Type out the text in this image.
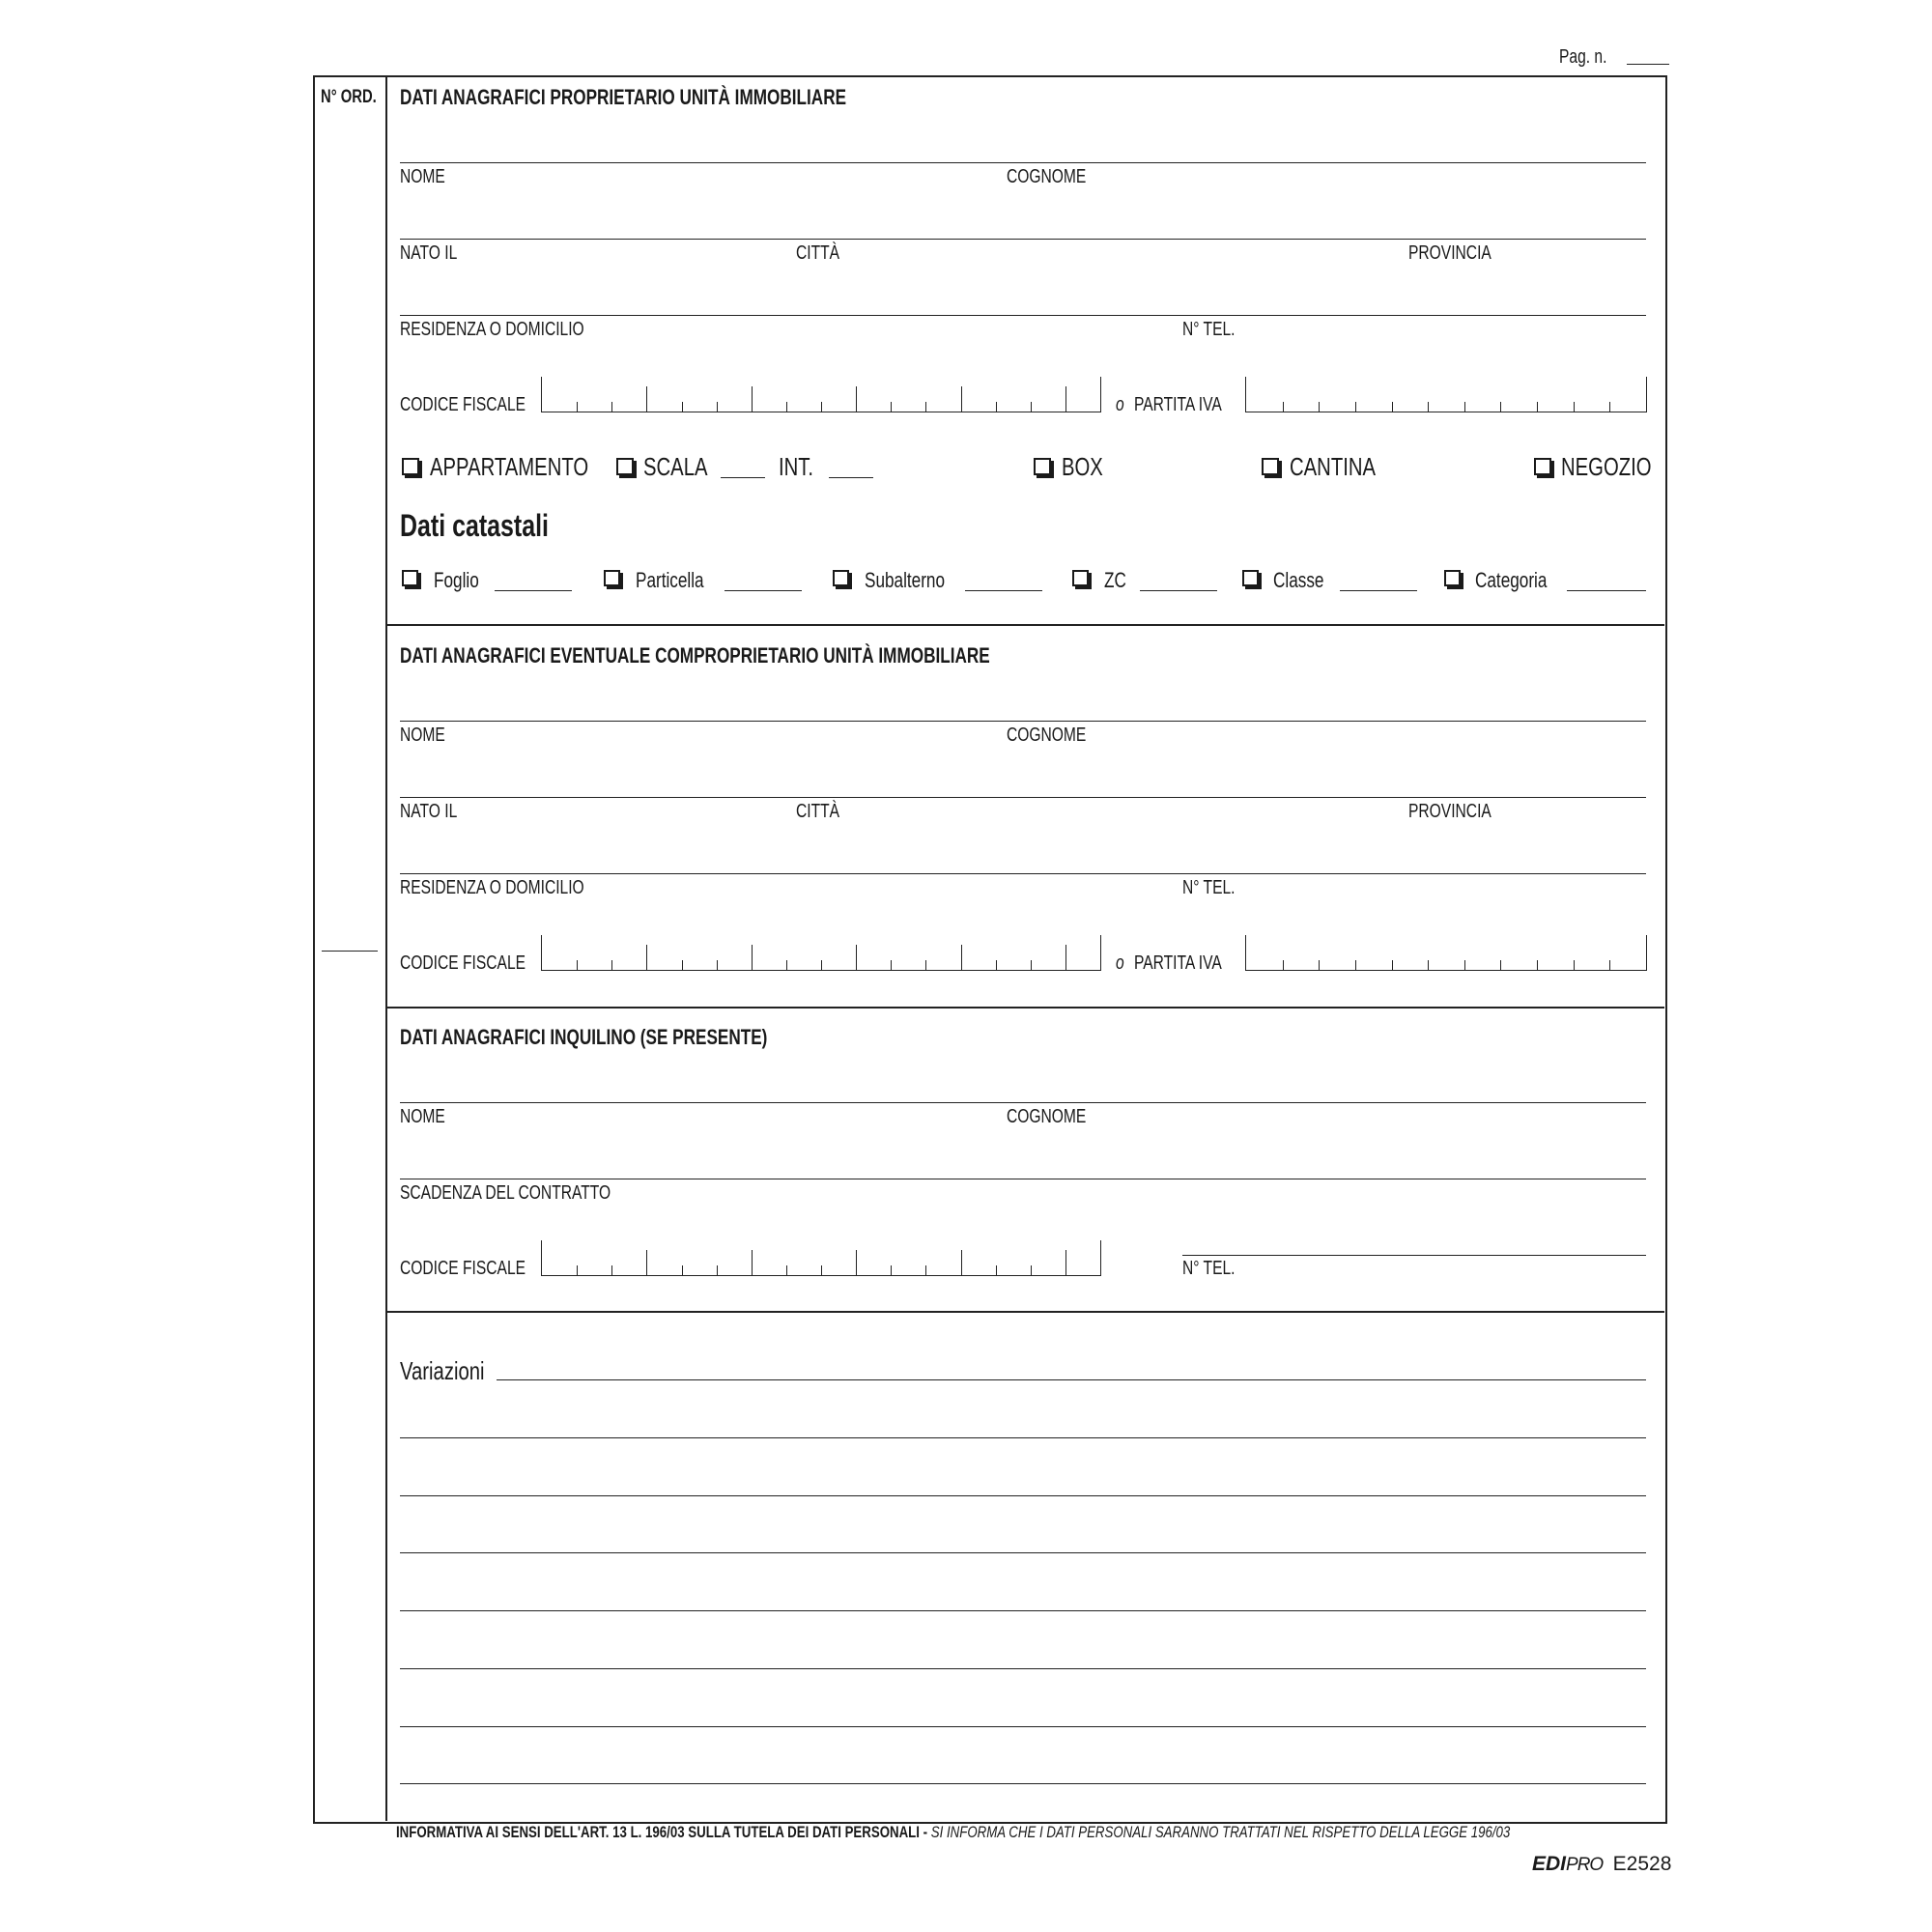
Pag. n.
N° ORD.	DATI ANAGRAFICI PROPRIETARIO UNITÀ IMMOBILIARE
NOME	COGNOME
NATO IL	CITTÀ	PROVINCIA
RESIDENZA O DOMICILIO	N° TEL.
CODICE FISCALE	o PARTITA IVA
APPARTAMENTO	SCALA	INT.	BOX	CANTINA	NEGOZIO
Dati catastali
Foglio	Particella	Subalterno	ZC	Classe	Categoria
DATI ANAGRAFICI EVENTUALE COMPROPRIETARIO UNITÀ IMMOBILIARE
NOME	COGNOME
NATO IL	CITTÀ	PROVINCIA
RESIDENZA O DOMICILIO	N° TEL.
CODICE FISCALE	o PARTITA IVA
DATI ANAGRAFICI INQUILINO (SE PRESENTE)
NOME	COGNOME
SCADENZA DEL CONTRATTO
CODICE FISCALE	N° TEL.
Variazioni
INFORMATIVA AI SENSI DELL'ART. 13 L. 196/03 SULLA TUTELA DEI DATI PERSONALI - SI INFORMA CHE I DATI PERSONALI SARANNO TRATTATI NEL RISPETTO DELLA LEGGE 196/03
EDIPRO E2528
